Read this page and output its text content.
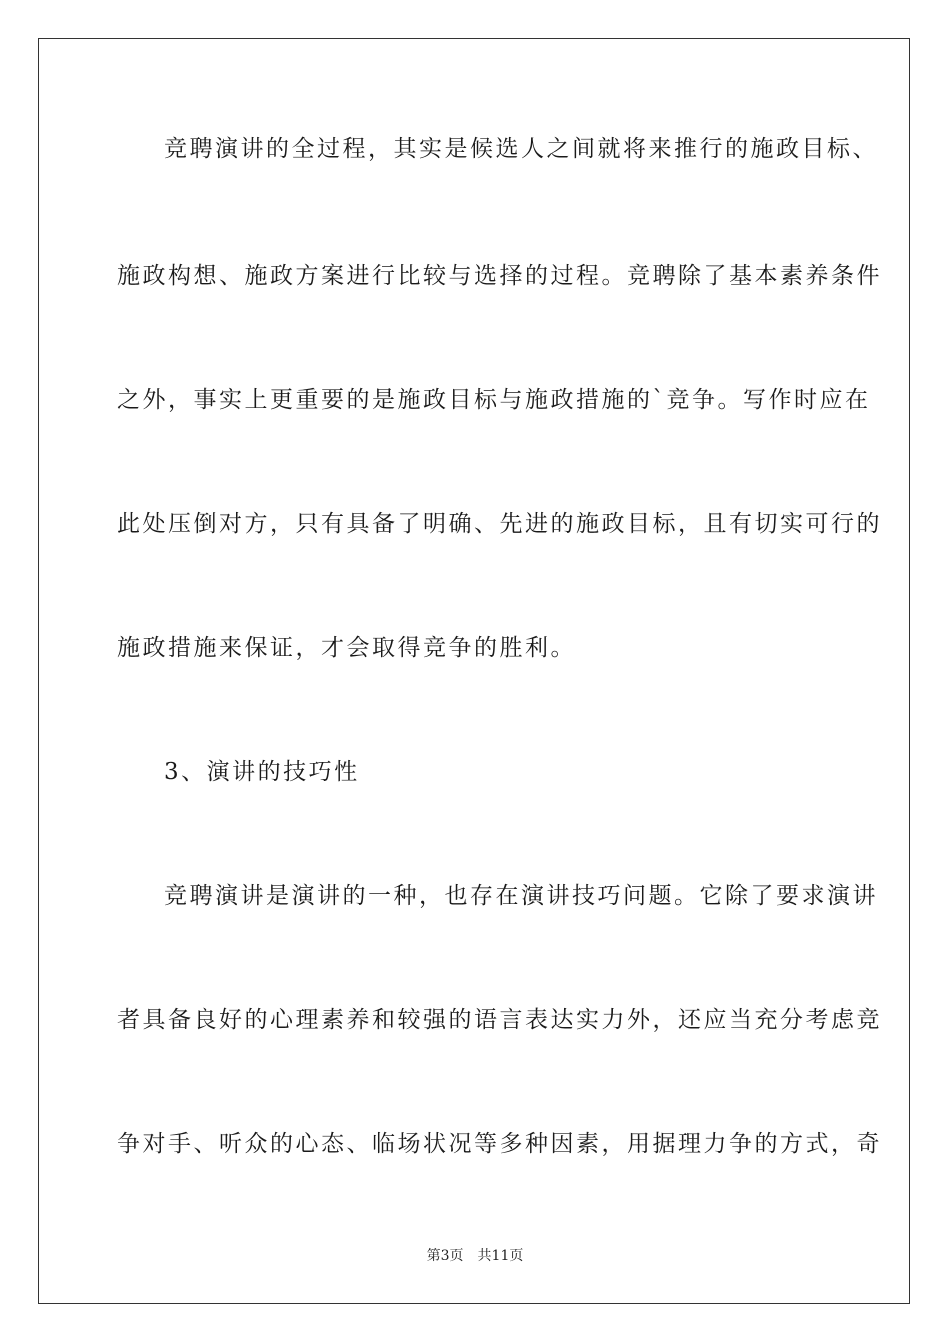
竞聘演讲的全过程，其实是候选人之间就将来推行的施政目标、
施政构想、施政方案进行比较与选择的过程。竞聘除了基本素养条件
之外，事实上更重要的是施政目标与施政措施的`竞争。写作时应在
此处压倒对方，只有具备了明确、先进的施政目标，且有切实可行的
施政措施来保证，才会取得竞争的胜利。
3、演讲的技巧性
竞聘演讲是演讲的一种，也存在演讲技巧问题。它除了要求演讲
者具备良好的心理素养和较强的语言表达实力外，还应当充分考虑竞
争对手、听众的心态、临场状况等多种因素，用据理力争的方式，奇
第3页 共11页
